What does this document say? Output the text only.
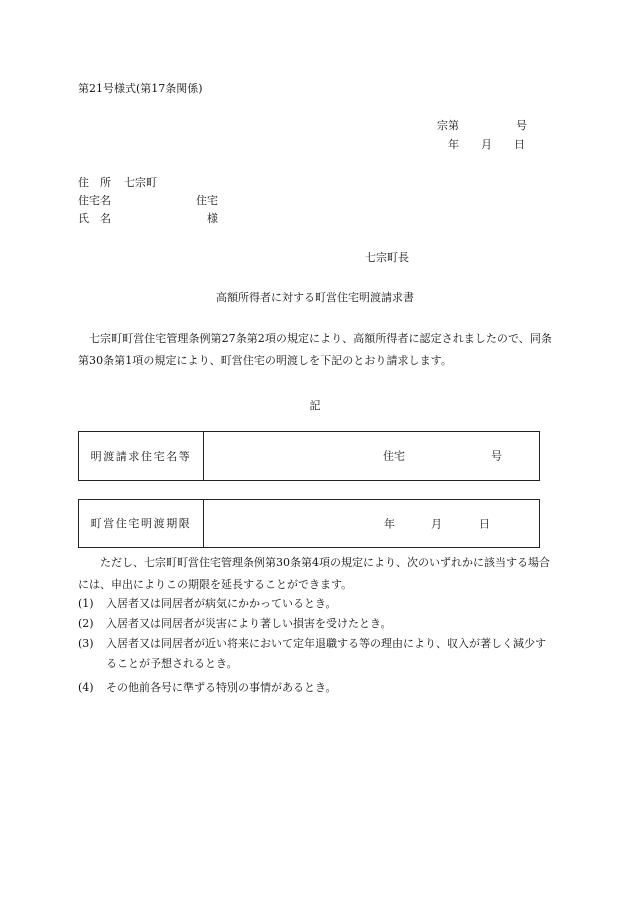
第21号様式(第17条関係)
宗第	号
年 月 日
住　所 七宗町
住宅名	住宅
氏　名	様
七宗町長
高額所得者に対する町営住宅明渡請求書
七宗町町営住宅管理条例第27条第2項の規定により、高額所得者に認定されましたので、同条第30条第1項の規定により、町営住宅の明渡しを下記のとおり請求します。
記
明渡請求住宅名等	住宅	号
町営住宅明渡期限	年	月	日
ただし、七宗町町営住宅管理条例第30条第4項の規定により、次のいずれかに該当する場合には、申出によりこの期限を延長することができます。
(1)	入居者又は同居者が病気にかかっているとき。
(2)	入居者又は同居者が災害により著しい損害を受けたとき。
(3)	入居者又は同居者が近い将来において定年退職する等の理由により、収入が著しく減少することが予想されるとき。
(4)	その他前各号に準ずる特別の事情があるとき。
